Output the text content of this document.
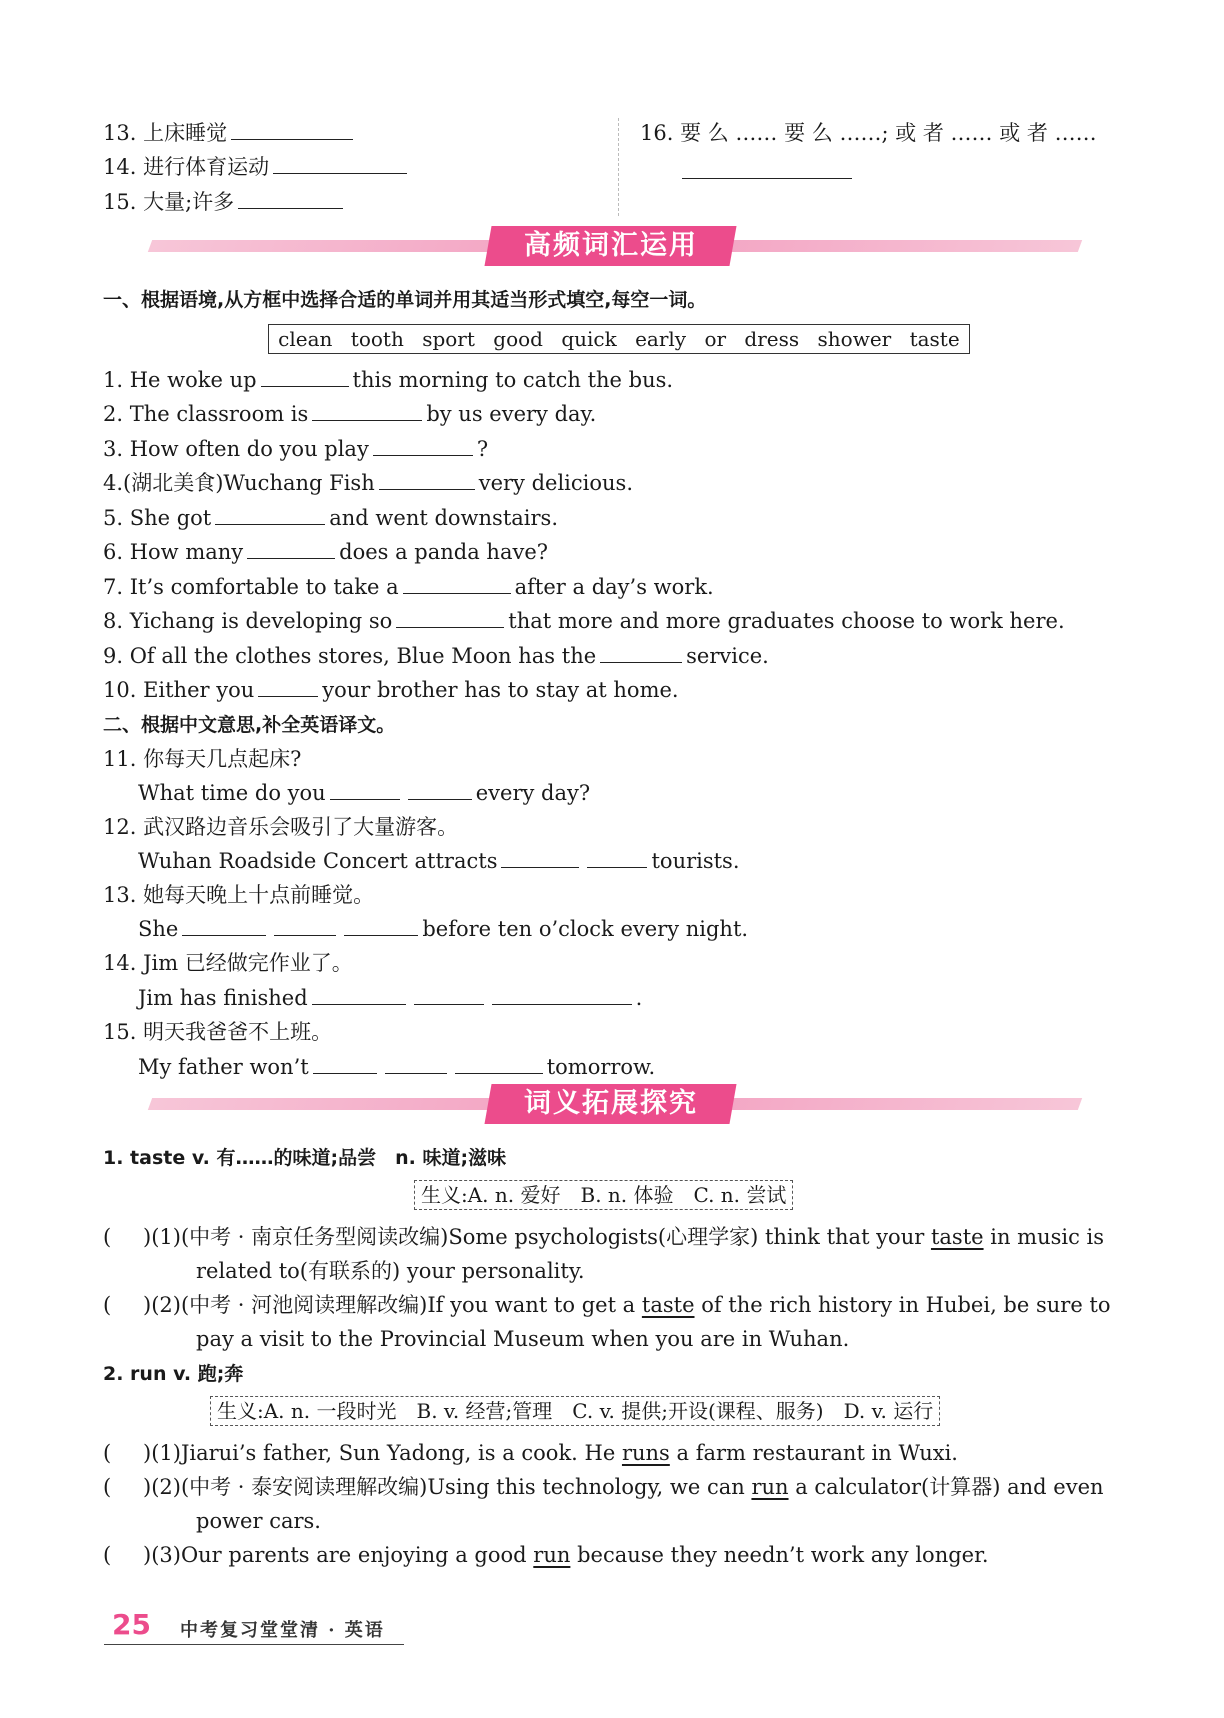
13. 上床睡觉
14. 进行体育运动
15. 大量;许多
16. 要 么 …… 要 么 ……; 或 者 …… 或 者 ……
高频词汇运用
一、根据语境,从方框中选择合适的单词并用其适当形式填空,每空一词。
clean tooth sport good quick early or dress shower taste
1. He woke up	this morning to catch the bus.
2. The classroom is	by us every day.
3. How often do you play	?
4.(湖北美食)Wuchang Fish	very delicious.
5. She got	and went downstairs.
6. How many	does a panda have?
7. It’s comfortable to take a	after a day’s work.
8. Yichang is developing so	that more and more graduates choose to work here.
9. Of all the clothes stores, Blue Moon has the	service.
10. Either you	your brother has to stay at home.
二、根据中文意思,补全英语译文。
11. 你每天几点起床?
What time do you	every day?
12. 武汉路边音乐会吸引了大量游客。
Wuhan Roadside Concert attracts	tourists.
13. 她每天晚上十点前睡觉。
She	before ten o’clock every night.
14. Jim 已经做完作业了。
Jim has finished	.
15. 明天我爸爸不上班。
My father won’t	tomorrow.
词义拓展探究
1. taste v. 有……的味道;品尝　n. 味道;滋味
生义:A. n. 爱好　B. n. 体验　C. n. 尝试
( )(1)(中考 · 南京任务型阅读改编)Some psychologists(心理学家) think that your taste in music is
related to(有联系的) your personality.
( )(2)(中考 · 河池阅读理解改编)If you want to get a taste of the rich history in Hubei, be sure to
pay a visit to the Provincial Museum when you are in Wuhan.
2. run v. 跑;奔
生义:A. n. 一段时光　B. v. 经营;管理　C. v. 提供;开设(课程、服务)　D. v. 运行
( )(1)Jiarui’s father, Sun Yadong, is a cook. He runs a farm restaurant in Wuxi.
( )(2)(中考 · 泰安阅读理解改编)Using this technology, we can run a calculator(计算器) and even
power cars.
( )(3)Our parents are enjoying a good run because they needn’t work any longer.
25 中考复习堂堂清 · 英语
